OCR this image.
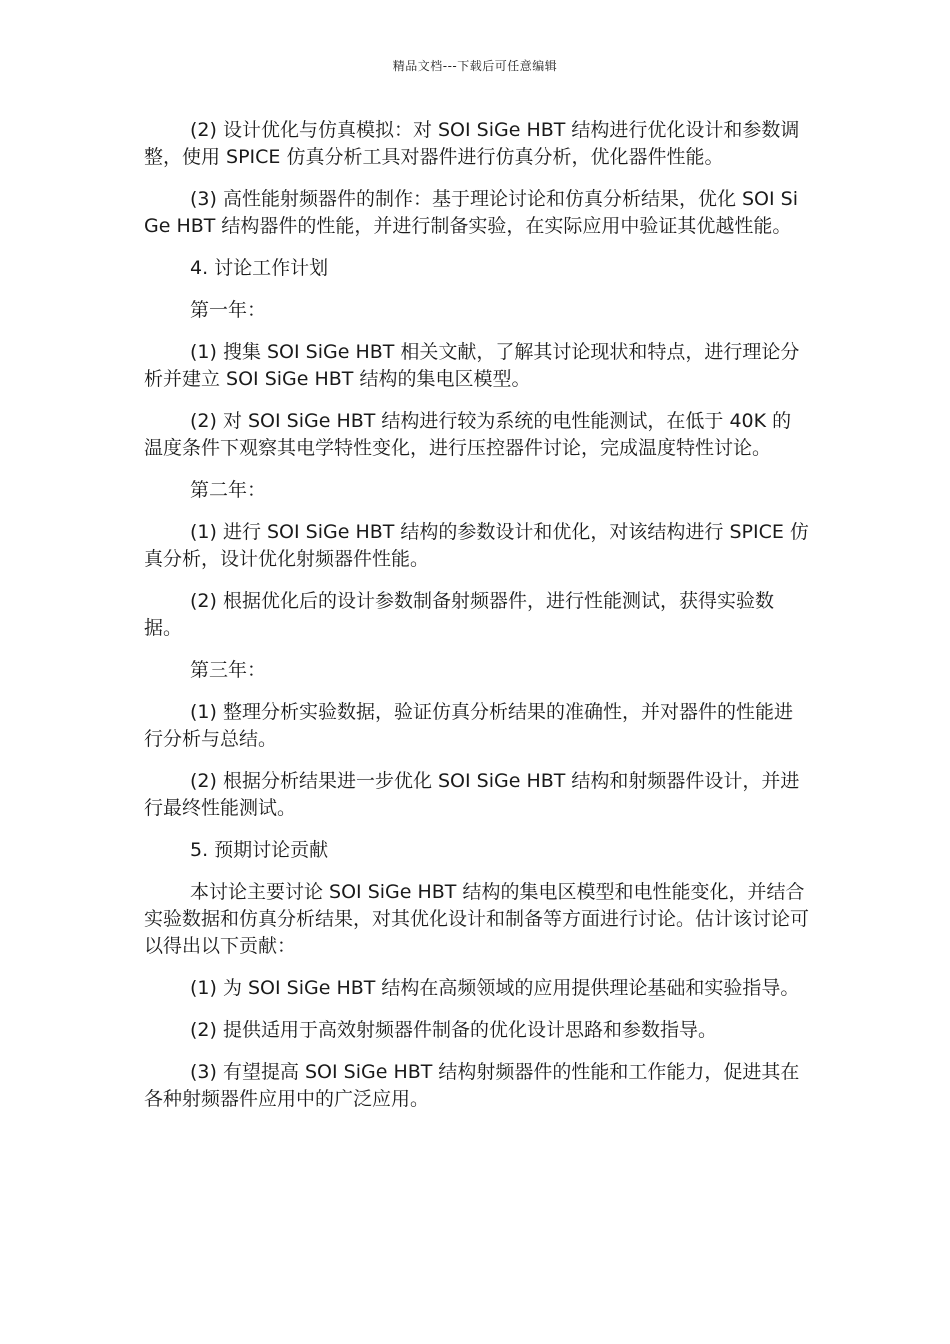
精品文档---下载后可任意编辑

(2) 设计优化与仿真模拟：对 SOI SiGe HBT 结构进行优化设计和参数调整，使用 SPICE 仿真分析工具对器件进行仿真分析，优化器件性能。

(3) 高性能射频器件的制作：基于理论讨论和仿真分析结果，优化 SOI SiGe HBT 结构器件的性能，并进行制备实验，在实际应用中验证其优越性能。

4. 讨论工作计划

第一年：

(1) 搜集 SOI SiGe HBT 相关文献，了解其讨论现状和特点，进行理论分析并建立 SOI SiGe HBT 结构的集电区模型。

(2) 对 SOI SiGe HBT 结构进行较为系统的电性能测试，在低于 40K 的温度条件下观察其电学特性变化，进行压控器件讨论，完成温度特性讨论。

第二年：

(1) 进行 SOI SiGe HBT 结构的参数设计和优化，对该结构进行 SPICE 仿真分析，设计优化射频器件性能。

(2) 根据优化后的设计参数制备射频器件，进行性能测试，获得实验数据。

第三年：

(1) 整理分析实验数据，验证仿真分析结果的准确性，并对器件的性能进行分析与总结。

(2) 根据分析结果进一步优化 SOI SiGe HBT 结构和射频器件设计，并进行最终性能测试。

5. 预期讨论贡献

本讨论主要讨论 SOI SiGe HBT 结构的集电区模型和电性能变化，并结合实验数据和仿真分析结果，对其优化设计和制备等方面进行讨论。估计该讨论可以得出以下贡献：

(1) 为 SOI SiGe HBT 结构在高频领域的应用提供理论基础和实验指导。

(2) 提供适用于高效射频器件制备的优化设计思路和参数指导。

(3) 有望提高 SOI SiGe HBT 结构射频器件的性能和工作能力，促进其在各种射频器件应用中的广泛应用。
